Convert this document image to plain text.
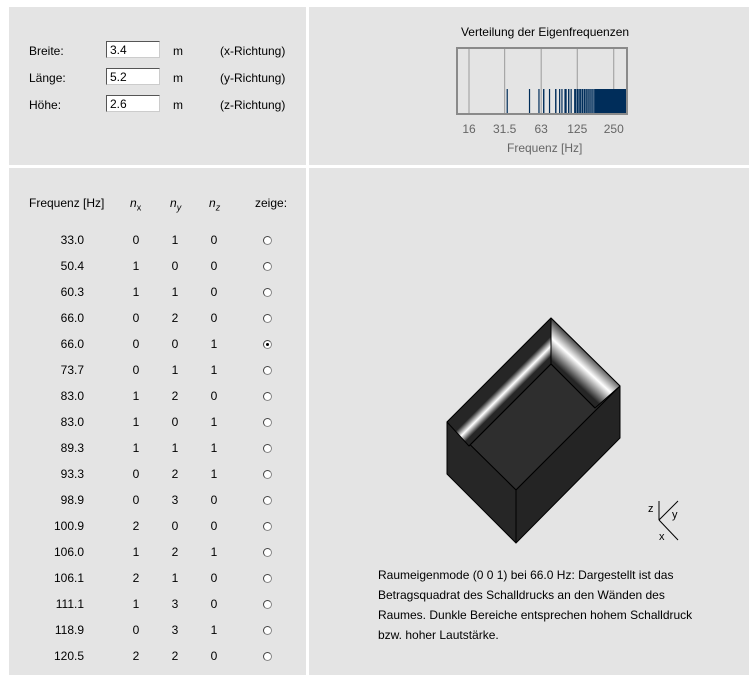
Breite:
3.4	m	(x-Richtung)
Länge:
5.2	m	(y-Richtung)
Höhe:
2.6	m	(z-Richtung)
Verteilung der Eigenfrequenzen
16 31.5 63 125 250
Frequenz [Hz]
Frequenz [Hz] $n_x$ $n_y$ $n_z$	zeige:
33.0	0	1	0
50.4	1	0	0
60.3	1	1	0
66.0	0	2	0
66.0	0	0	1
73.7	0	1	1
83.0	1	2	0
83.0	1	0	1
89.3	1	1	1
93.3	0	2	1
98.9	0	3	0
100.9	2	0	0
106.0	1	2	1
106.1	2	1	0
111.1	1	3	0
118.9	0	3	1
120.5	2	2	0
z y
x
Raumeigenmode (0 0 1) bei 66.0 Hz: Dargestellt ist das
Betragsquadrat des Schalldrucks an den Wänden des
Raumes. Dunkle Bereiche entsprechen hohem Schalldruck
bzw. hoher Lautstärke.
